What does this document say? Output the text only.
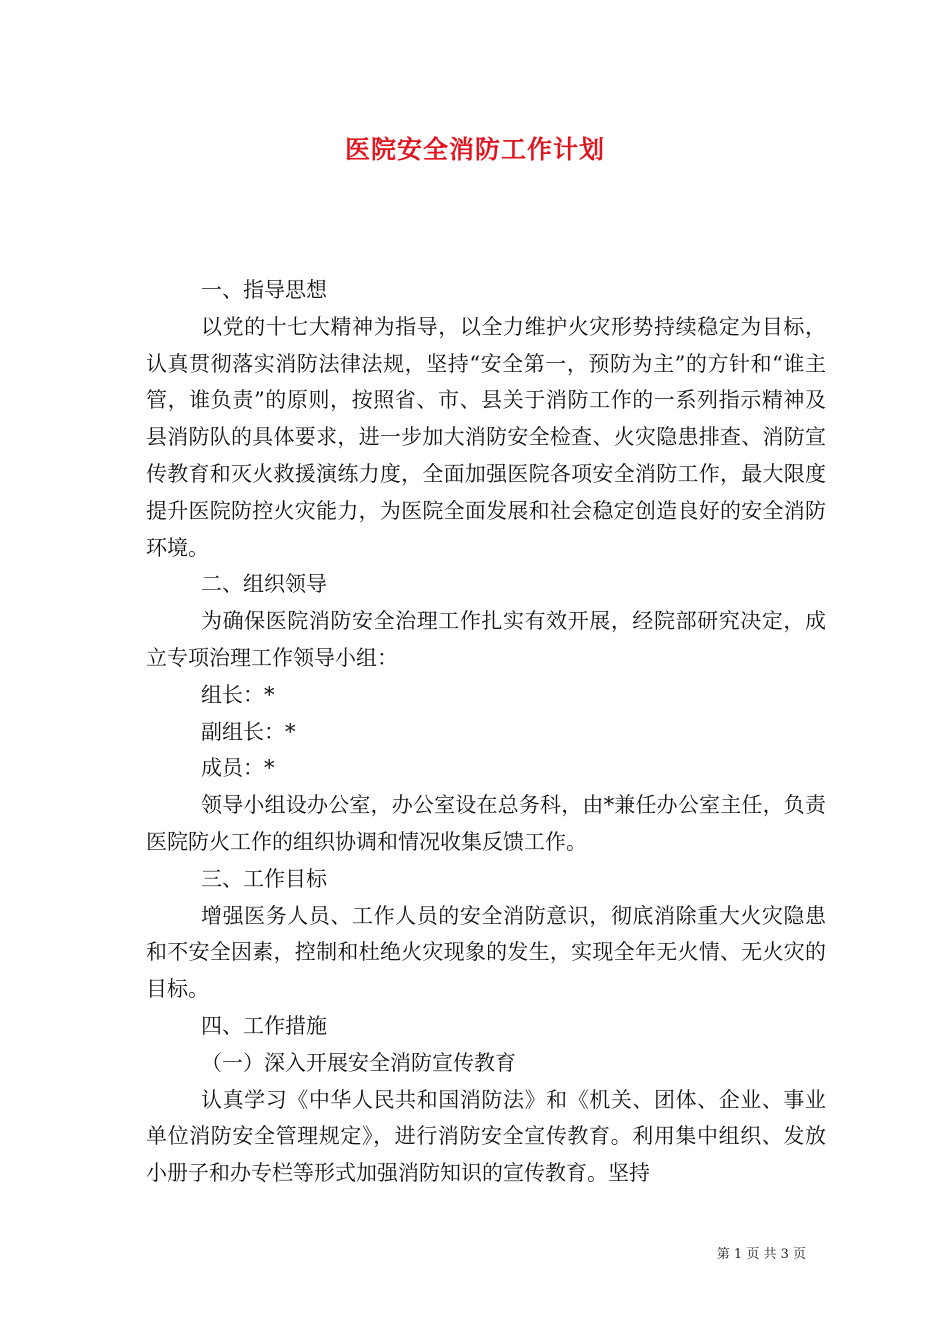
医院安全消防工作计划

一、指导思想

以党的十七大精神为指导，以全力维护火灾形势持续稳定为目标，认真贯彻落实消防法律法规，坚持“安全第一，预防为主”的方针和“谁主管，谁负责”的原则，按照省、市、县关于消防工作的一系列指示精神及县消防队的具体要求，进一步加大消防安全检查、火灾隐患排查、消防宣传教育和灭火救援演练力度，全面加强医院各项安全消防工作，最大限度提升医院防控火灾能力，为医院全面发展和社会稳定创造良好的安全消防环境。

二、组织领导

为确保医院消防安全治理工作扎实有效开展，经院部研究决定，成立专项治理工作领导小组：

组长：*

副组长：*

成员：*

领导小组设办公室，办公室设在总务科，由*兼任办公室主任，负责医院防火工作的组织协调和情况收集反馈工作。

三、工作目标

增强医务人员、工作人员的安全消防意识，彻底消除重大火灾隐患和不安全因素，控制和杜绝火灾现象的发生，实现全年无火情、无火灾的目标。

四、工作措施

（一）深入开展安全消防宣传教育

认真学习《中华人民共和国消防法》和《机关、团体、企业、事业单位消防安全管理规定》，进行消防安全宣传教育。利用集中组织、发放小册子和办专栏等形式加强消防知识的宣传教育。坚持

第 1 页 共 3 页
